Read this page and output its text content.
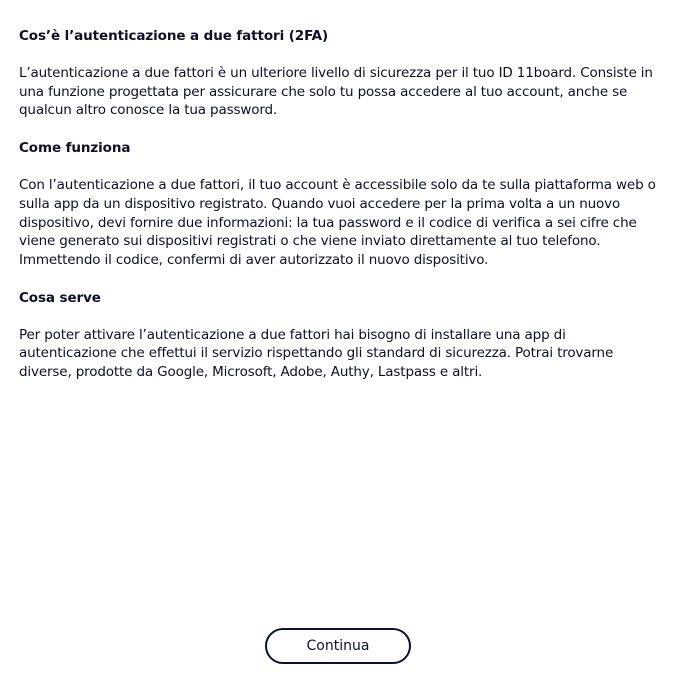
Cos’è l’autenticazione a due fattori (2FA)

L’autenticazione a due fattori è un ulteriore livello di sicurezza per il tuo ID 11board. Consiste in una funzione progettata per assicurare che solo tu possa accedere al tuo account, anche se qualcun altro conosce la tua password.

Come funziona

Con l’autenticazione a due fattori, il tuo account è accessibile solo da te sulla piattaforma web o sulla app da un dispositivo registrato. Quando vuoi accedere per la prima volta a un nuovo dispositivo, devi fornire due informazioni: la tua password e il codice di verifica a sei cifre che viene generato sui dispositivi registrati o che viene inviato direttamente al tuo telefono. Immettendo il codice, confermi di aver autorizzato il nuovo dispositivo.

Cosa serve

Per poter attivare l’autenticazione a due fattori hai bisogno di installare una app di autenticazione che effettui il servizio rispettando gli standard di sicurezza. Potrai trovarne diverse, prodotte da Google, Microsoft, Adobe, Authy, Lastpass e altri.

Continua
